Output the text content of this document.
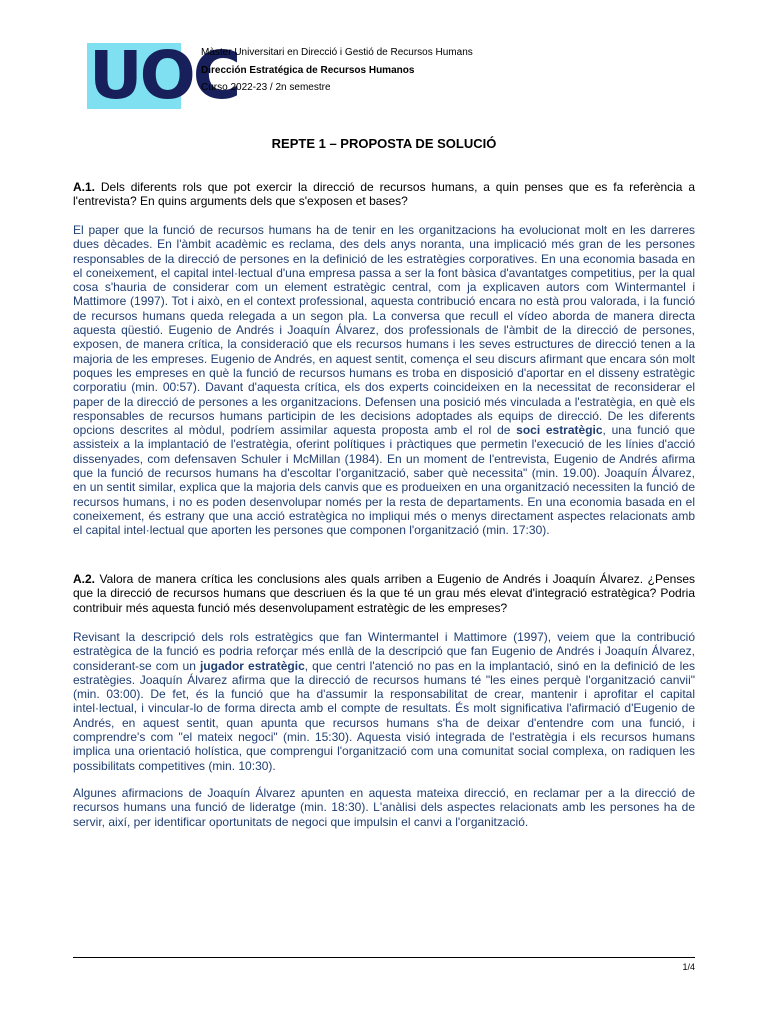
UOC
Màster Universitari en Direcció i Gestió de Recursos Humans
Dirección Estratégica de Recursos Humanos
Curso 2022-23 / 2n semestre
REPTE 1 – PROPOSTA DE SOLUCIÓ

A.1. Dels diferents rols que pot exercir la direcció de recursos humans, a quin penses que es fa referència a l'entrevista? En quins arguments dels que s'exposen et bases?

El paper que la funció de recursos humans ha de tenir en les organitzacions ha evolucionat molt en les darreres dues dècades. En l'àmbit acadèmic es reclama, des dels anys noranta, una implicació més gran de les persones responsables de la direcció de persones en la definició de les estratègies corporatives. En una economia basada en el coneixement, el capital intel·lectual d'una empresa passa a ser la font bàsica d'avantatges competitius, per la qual cosa s'hauria de considerar com un element estratègic central, com ja explicaven autors com Wintermantel i Mattimore (1997). Tot i això, en el context professional, aquesta contribució encara no està prou valorada, i la funció de recursos humans queda relegada a un segon pla. La conversa que recull el vídeo aborda de manera directa aquesta qüestió. Eugenio de Andrés i Joaquín Álvarez, dos professionals de l'àmbit de la direcció de persones, exposen, de manera crítica, la consideració que els recursos humans i les seves estructures de direcció tenen a la majoria de les empreses. Eugenio de Andrés, en aquest sentit, comença el seu discurs afirmant que encara són molt poques les empreses en què la funció de recursos humans es troba en disposició d'aportar en el disseny estratègic corporatiu (min. 00:57). Davant d'aquesta crítica, els dos experts coincideixen en la necessitat de reconsiderar el paper de la direcció de persones a les organitzacions. Defensen una posició més vinculada a l'estratègia, en què els responsables de recursos humans participin de les decisions adoptades als equips de direcció. De les diferents opcions descrites al mòdul, podríem assimilar aquesta proposta amb el rol de soci estratègic, una funció que assisteix a la implantació de l'estratègia, oferint polítiques i pràctiques que permetin l'execució de les línies d'acció dissenyades, com defensaven Schuler i McMillan (1984). En un moment de l'entrevista, Eugenio de Andrés afirma que la funció de recursos humans ha d'escoltar l'organització, saber què necessita" (min. 19.00). Joaquín Álvarez, en un sentit similar, explica que la majoria dels canvis que es produeixen en una organització necessiten la funció de recursos humans, i no es poden desenvolupar només per la resta de departaments. En una economia basada en el coneixement, és estrany que una acció estratègica no impliqui més o menys directament aspectes relacionats amb el capital intel·lectual que aporten les persones que componen l'organització (min. 17:30).

A.2. Valora de manera crítica les conclusions ales quals arriben a Eugenio de Andrés i Joaquín Álvarez. ¿Penses que la direcció de recursos humans que descriuen és la que té un grau més elevat d'integració estratègica? Podria contribuir més aquesta funció més desenvolupament estratègic de les empreses?

Revisant la descripció dels rols estratègics que fan Wintermantel i Mattimore (1997), veiem que la contribució estratègica de la funció es podria reforçar més enllà de la descripció que fan Eugenio de Andrés i Joaquín Álvarez, considerant-se com un jugador estratègic, que centri l'atenció no pas en la implantació, sinó en la definició de les estratègies. Joaquín Álvarez afirma que la direcció de recursos humans té "les eines perquè l'organització canvii" (min. 03:00). De fet, és la funció que ha d'assumir la responsabilitat de crear, mantenir i aprofitar el capital intel·lectual, i vincular-lo de forma directa amb el compte de resultats. És molt significativa l'afirmació d'Eugenio de Andrés, en aquest sentit, quan apunta que recursos humans s'ha de deixar d'entendre com una funció, i comprendre's com "el mateix negoci" (min. 15:30). Aquesta visió integrada de l'estratègia i els recursos humans implica una orientació holística, que comprengui l'organització com una comunitat social complexa, on radiquen les possibilitats competitives (min. 10:30).

Algunes afirmacions de Joaquín Álvarez apunten en aquesta mateixa direcció, en reclamar per a la direcció de recursos humans una funció de lideratge (min. 18:30). L'anàlisi dels aspectes relacionats amb les persones ha de servir, així, per identificar oportunitats de negoci que impulsin el canvi a l'organització.

1/4
